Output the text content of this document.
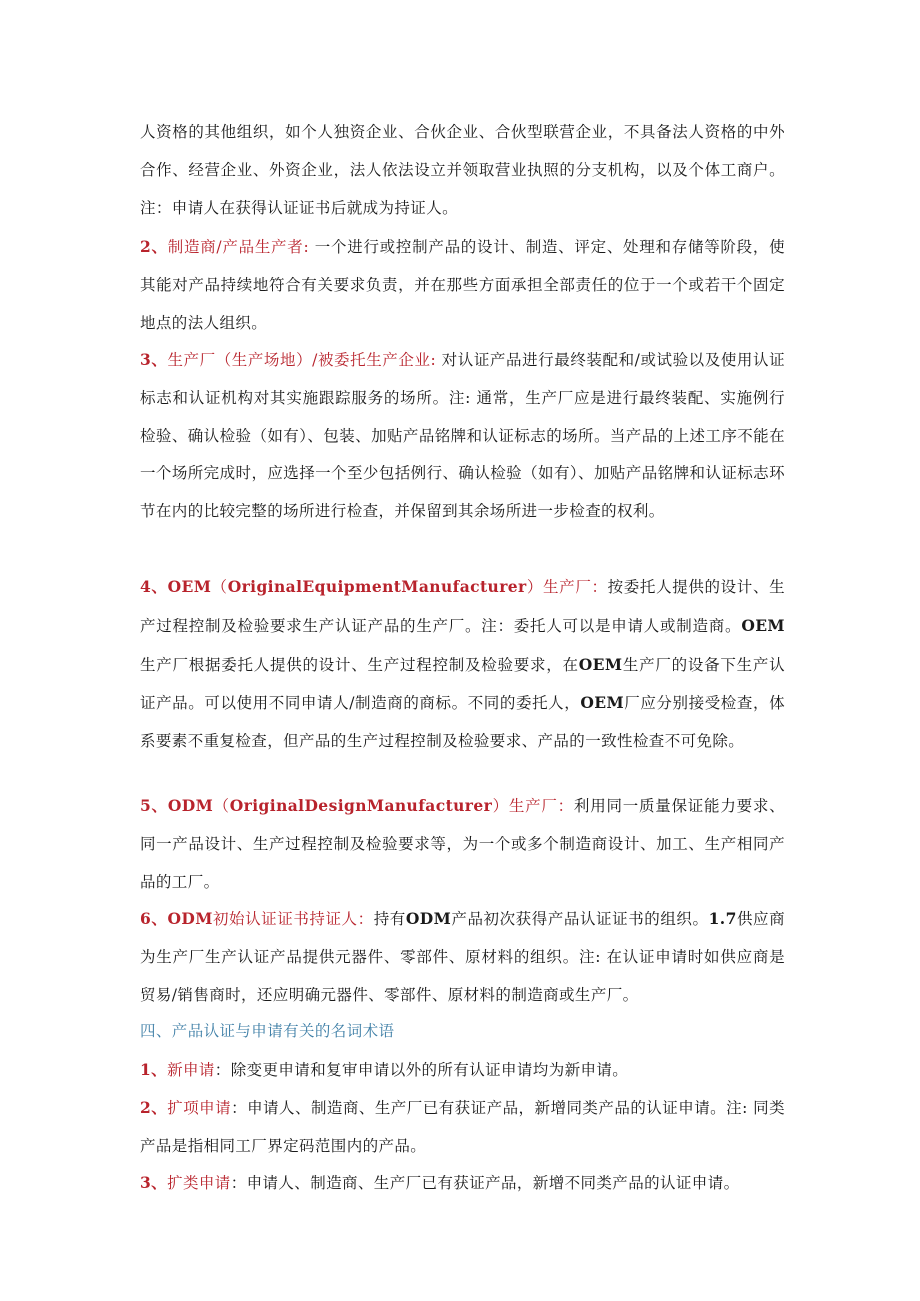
人资格的其他组织，如个人独资企业、合伙企业、合伙型联营企业，不具备法人资格的中外合作、经营企业、外资企业，法人依法设立并领取营业执照的分支机构，以及个体工商户。注：申请人在获得认证证书后就成为持证人。

2、制造商/产品生产者: 一个进行或控制产品的设计、制造、评定、处理和存储等阶段，使其能对产品持续地符合有关要求负责，并在那些方面承担全部责任的位于一个或若干个固定地点的法人组织。

3、生产厂（生产场地）/被委托生产企业: 对认证产品进行最终装配和/或试验以及使用认证标志和认证机构对其实施跟踪服务的场所。注: 通常，生产厂应是进行最终装配、实施例行检验、确认检验（如有）、包装、加贴产品铭牌和认证标志的场所。当产品的上述工序不能在一个场所完成时，应选择一个至少包括例行、确认检验（如有）、加贴产品铭牌和认证标志环节在内的比较完整的场所进行检查，并保留到其余场所进一步检查的权利。

4、OEM（OriginalEquipmentManufacturer）生产厂：按委托人提供的设计、生产过程控制及检验要求生产认证产品的生产厂。注：委托人可以是申请人或制造商。OEM生产厂根据委托人提供的设计、生产过程控制及检验要求，在OEM生产厂的设备下生产认证产品。可以使用不同申请人/制造商的商标。不同的委托人，OEM厂应分别接受检查，体系要素不重复检查，但产品的生产过程控制及检验要求、产品的一致性检查不可免除。

5、ODM（OriginalDesignManufacturer）生产厂：利用同一质量保证能力要求、同一产品设计、生产过程控制及检验要求等，为一个或多个制造商设计、加工、生产相同产品的工厂。

6、ODM初始认证证书持证人：持有ODM产品初次获得产品认证证书的组织。1.7供应商为生产厂生产认证产品提供元器件、零部件、原材料的组织。注: 在认证申请时如供应商是贸易/销售商时，还应明确元器件、零部件、原材料的制造商或生产厂。

四、产品认证与申请有关的名词术语

1、新申请：除变更申请和复审申请以外的所有认证申请均为新申请。

2、扩项申请：申请人、制造商、生产厂已有获证产品，新增同类产品的认证申请。注: 同类产品是指相同工厂界定码范围内的产品。

3、扩类申请：申请人、制造商、生产厂已有获证产品，新增不同类产品的认证申请。
